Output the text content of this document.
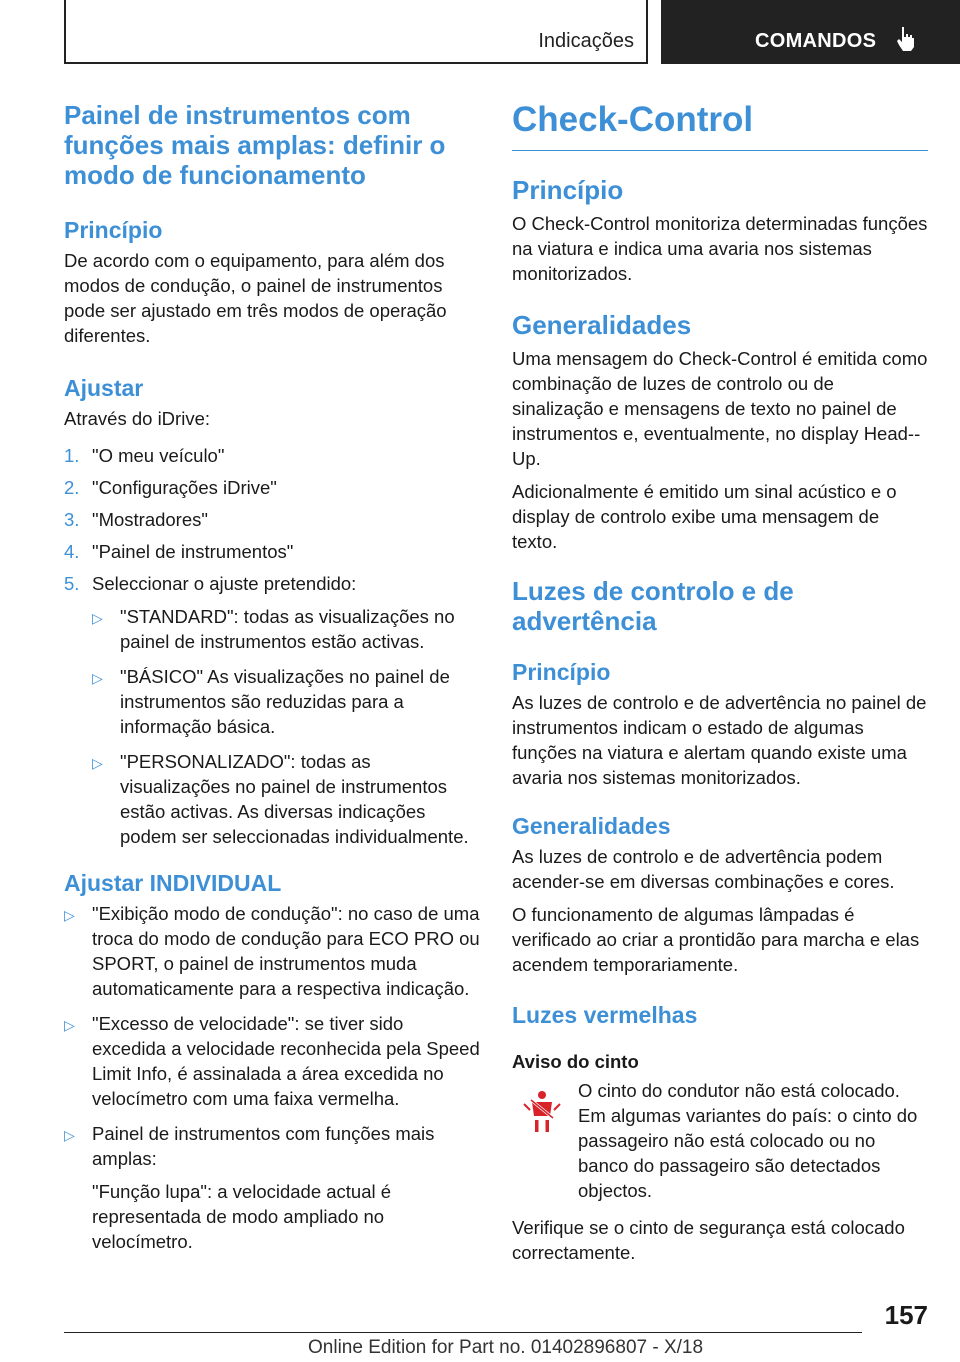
Indicações	COMANDOS
Painel de instrumentos com funções mais amplas: definir o modo de funcionamento
Princípio

De acordo com o equipamento, para além dos modos de condução, o painel de instrumentos pode ser ajustado em três modos de operação diferentes.

Ajustar

Através do iDrive:

1. "O meu veículo"
2. "Configurações iDrive"
3. "Mostradores"
4. "Painel de instrumentos"
5. Seleccionar o ajuste pretendido:
▷ "STANDARD": todas as visualizações no painel de instrumentos estão activas.
▷ "BÁSICO" As visualizações no painel de instrumentos são reduzidas para a informação básica.
▷ "PERSONALIZADO": todas as visualizações no painel de instrumentos estão activas. As diversas indicações podem ser seleccionadas individualmente.
Ajustar INDIVIDUAL
▷ "Exibição modo de condução": no caso de uma troca do modo de condução para ECO PRO ou SPORT, o painel de instrumentos muda automaticamente para a respectiva indicação.
▷ "Excesso de velocidade": se tiver sido excedida a velocidade reconhecida pela Speed Limit Info, é assinalada a área excedida no velocímetro com uma faixa vermelha.
▷ Painel de instrumentos com funções mais amplas:

"Função lupa": a velocidade actual é representada de modo ampliado no velocímetro.

Check-Control
Princípio

O Check-Control monitoriza determinadas funções na viatura e indica uma avaria nos sistemas monitorizados.

Generalidades

Uma mensagem do Check-Control é emitida como combinação de luzes de controlo ou de sinalização e mensagens de texto no painel de instrumentos e, eventualmente, no display Head--Up.

Adicionalmente é emitido um sinal acústico e o display de controlo exibe uma mensagem de texto.

Luzes de controlo e de advertência
Princípio

As luzes de controlo e de advertência no painel de instrumentos indicam o estado de algumas funções na viatura e alertam quando existe uma avaria nos sistemas monitorizados.

Generalidades

As luzes de controlo e de advertência podem acender-se em diversas combinações e cores.

O funcionamento de algumas lâmpadas é verificado ao criar a prontidão para marcha e elas acendem temporariamente.

Luzes vermelhas

Aviso do cinto

O cinto do condutor não está colocado. Em algumas variantes do país: o cinto do passageiro não está colocado ou no banco do passageiro são detectados objectos.

Verifique se o cinto de segurança está colocado correctamente.

157
Online Edition for Part no. 01402896807 - X/18
